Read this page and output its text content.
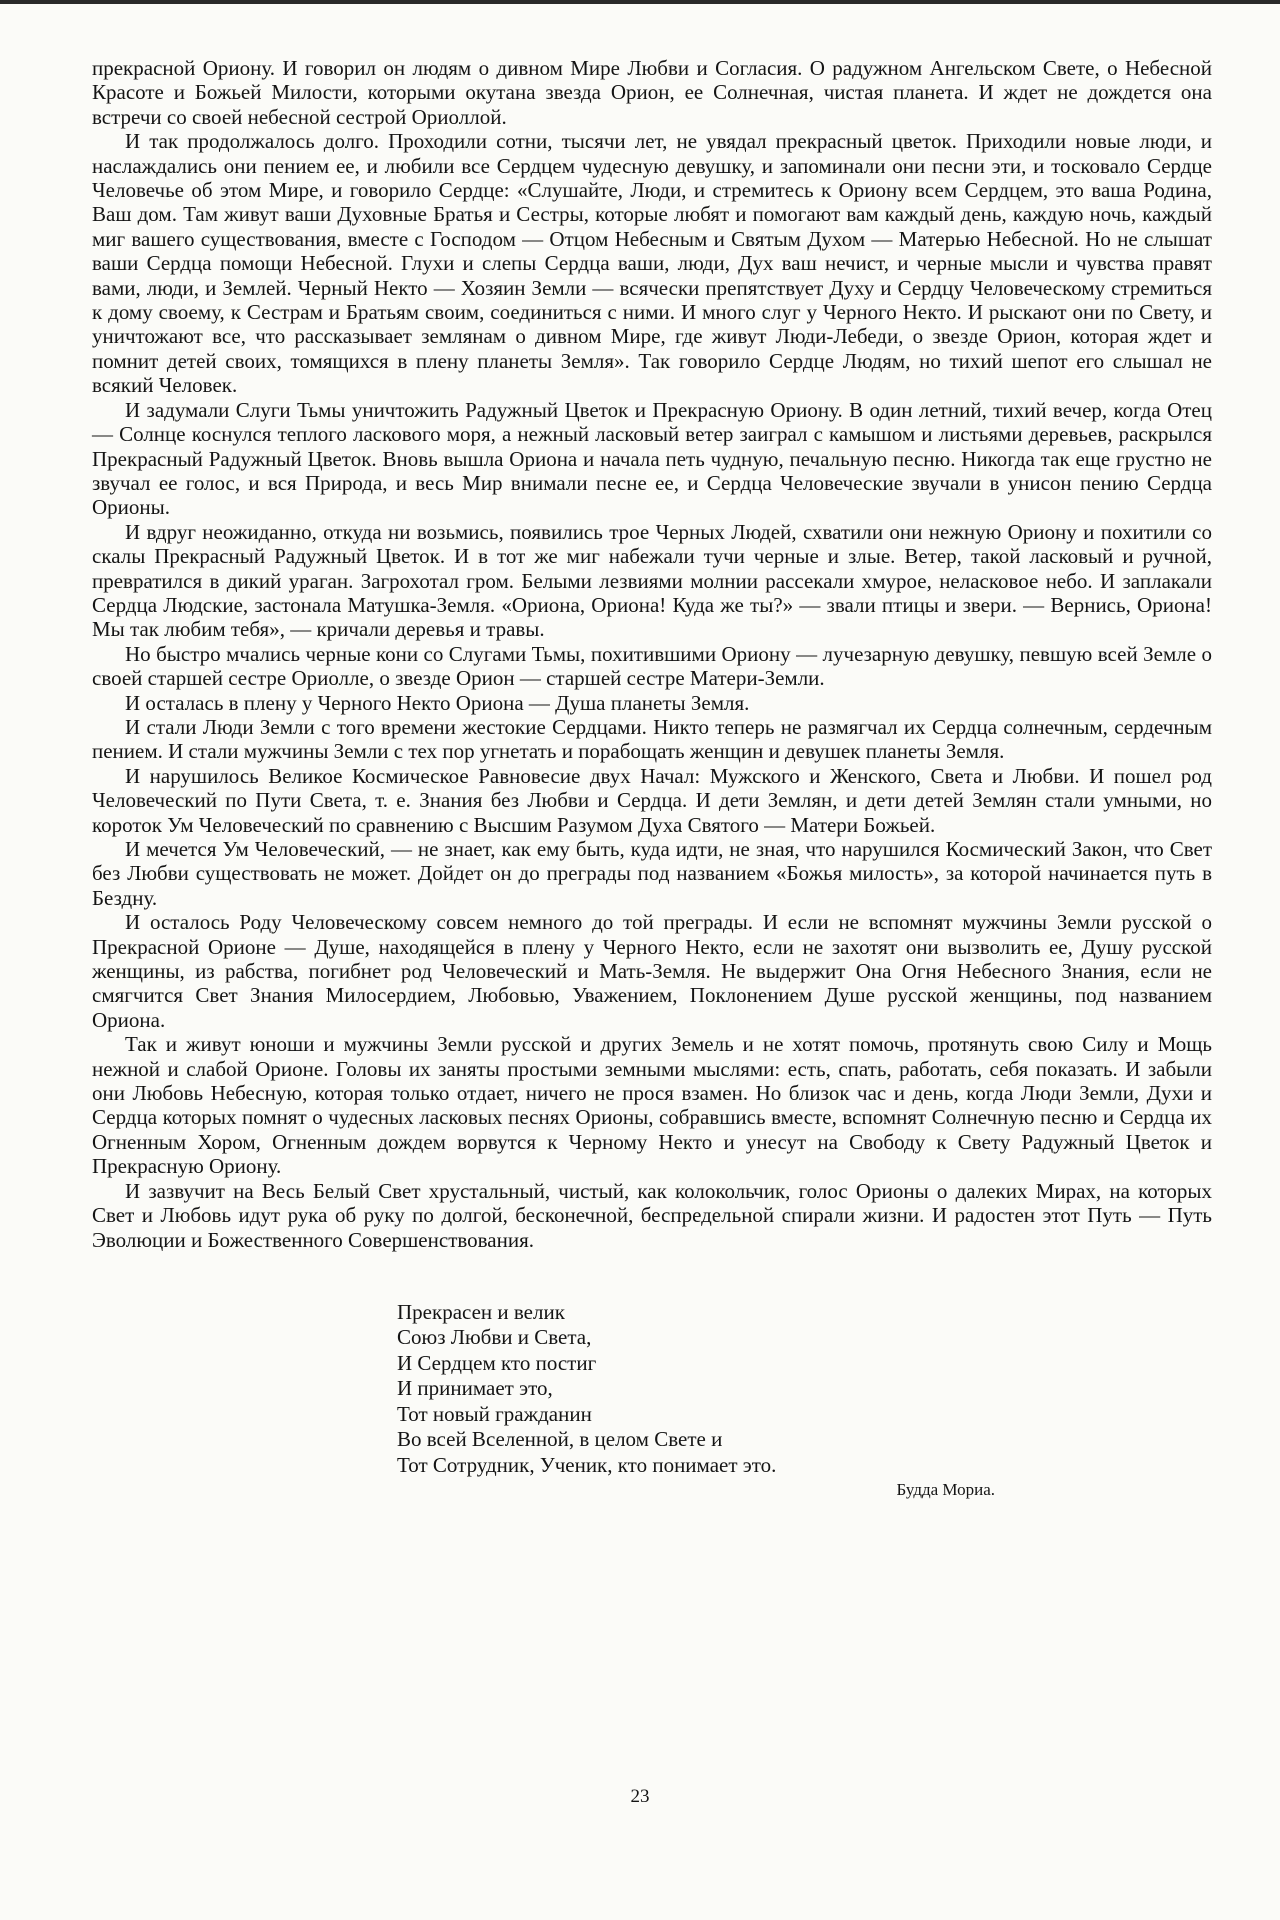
прекрасной Ориону. И говорил он людям о дивном Мире Любви и Согласия. О радужном Ангельском Свете, о Небесной Красоте и Божьей Милости, которыми окутана звезда Орион, ее Солнечная, чистая планета. И ждет не дождется она встречи со своей небесной сестрой Ориоллой.

И так продолжалось долго. Проходили сотни, тысячи лет, не увядал прекрасный цветок. Приходили новые люди, и наслаждались они пением ее, и любили все Сердцем чудесную девушку, и запоминали они песни эти, и тосковало Сердце Человечье об этом Мире, и говорило Сердце: «Слушайте, Люди, и стремитесь к Ориону всем Сердцем, это ваша Родина, Ваш дом. Там живут ваши Духовные Братья и Сестры, которые любят и помогают вам каждый день, каждую ночь, каждый миг вашего существования, вместе с Господом — Отцом Небесным и Святым Духом — Матерью Небесной. Но не слышат ваши Сердца помощи Небесной. Глухи и слепы Сердца ваши, люди, Дух ваш нечист, и черные мысли и чувства правят вами, люди, и Землей. Черный Некто — Хозяин Земли — всячески препятствует Духу и Сердцу Человеческому стремиться к дому своему, к Сестрам и Братьям своим, соединиться с ними. И много слуг у Черного Некто. И рыскают они по Свету, и уничтожают все, что рассказывает землянам о дивном Мире, где живут Люди-Лебеди, о звезде Орион, которая ждет и помнит детей своих, томящихся в плену планеты Земля». Так говорило Сердце Людям, но тихий шепот его слышал не всякий Человек.

И задумали Слуги Тьмы уничтожить Радужный Цветок и Прекрасную Ориону. В один летний, тихий вечер, когда Отец — Солнце коснулся теплого ласкового моря, а нежный ласковый ветер заиграл с камышом и листьями деревьев, раскрылся Прекрасный Радужный Цветок. Вновь вышла Ориона и начала петь чудную, печальную песню. Никогда так еще грустно не звучал ее голос, и вся Природа, и весь Мир внимали песне ее, и Сердца Человеческие звучали в унисон пению Сердца Орионы.

И вдруг неожиданно, откуда ни возьмись, появились трое Черных Людей, схватили они нежную Ориону и похитили со скалы Прекрасный Радужный Цветок. И в тот же миг набежали тучи черные и злые. Ветер, такой ласковый и ручной, превратился в дикий ураган. Загрохотал гром. Белыми лезвиями молнии рассекали хмурое, неласковое небо. И заплакали Сердца Людские, застонала Матушка-Земля. «Ориона, Ориона! Куда же ты?» — звали птицы и звери. — Вернись, Ориона! Мы так любим тебя», — кричали деревья и травы.

Но быстро мчались черные кони со Слугами Тьмы, похитившими Ориону — лучезарную девушку, певшую всей Земле о своей старшей сестре Ориолле, о звезде Орион — старшей сестре Матери-Земли.

И осталась в плену у Черного Некто Ориона — Душа планеты Земля.

И стали Люди Земли с того времени жестокие Сердцами. Никто теперь не размягчал их Сердца солнечным, сердечным пением. И стали мужчины Земли с тех пор угнетать и порабощать женщин и девушек планеты Земля.

И нарушилось Великое Космическое Равновесие двух Начал: Мужского и Женского, Света и Любви. И пошел род Человеческий по Пути Света, т. е. Знания без Любви и Сердца. И дети Землян, и дети детей Землян стали умными, но короток Ум Человеческий по сравнению с Высшим Разумом Духа Святого — Матери Божьей.

И мечется Ум Человеческий, — не знает, как ему быть, куда идти, не зная, что нарушился Космический Закон, что Свет без Любви существовать не может. Дойдет он до преграды под названием «Божья милость», за которой начинается путь в Бездну.

И осталось Роду Человеческому совсем немного до той преграды. И если не вспомнят мужчины Земли русской о Прекрасной Орионе — Душе, находящейся в плену у Черного Некто, если не захотят они вызволить ее, Душу русской женщины, из рабства, погибнет род Человеческий и Мать-Земля. Не выдержит Она Огня Небесного Знания, если не смягчится Свет Знания Милосердием, Любовью, Уважением, Поклонением Душе русской женщины, под названием Ориона.

Так и живут юноши и мужчины Земли русской и других Земель и не хотят помочь, протянуть свою Силу и Мощь нежной и слабой Орионе. Головы их заняты простыми земными мыслями: есть, спать, работать, себя показать. И забыли они Любовь Небесную, которая только отдает, ничего не прося взамен. Но близок час и день, когда Люди Земли, Духи и Сердца которых помнят о чудесных ласковых песнях Орионы, собравшись вместе, вспомнят Солнечную песню и Сердца их Огненным Хором, Огненным дождем ворвутся к Черному Некто и унесут на Свободу к Свету Радужный Цветок и Прекрасную Ориону.

И зазвучит на Весь Белый Свет хрустальный, чистый, как колокольчик, голос Орионы о далеких Мирах, на которых Свет и Любовь идут рука об руку по долгой, бесконечной, беспредельной спирали жизни. И радостен этот Путь — Путь Эволюции и Божественного Совершенствования.

Прекрасен и велик
Союз Любви и Света,
И Сердцем кто постиг
И принимает это,
Тот новый гражданин
Во всей Вселенной, в целом Свете и
Тот Сотрудник, Ученик, кто понимает это.
Будда Мориа.
23
